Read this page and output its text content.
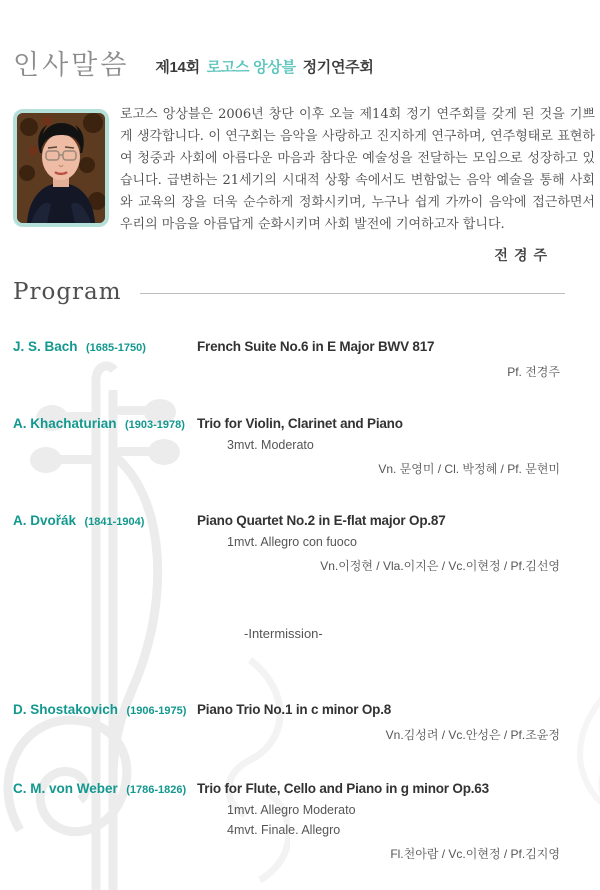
인사말씀 제14회 로고스 앙상블 정기연주회
로고스 앙상블은 2006년 창단 이후 오늘 제14회 정기 연주회를 갖게 된 것을 기쁘게 생각합니다. 이 연구회는 음악을 사랑하고 진지하게 연구하며, 연주형태로 표현하여 청중과 사회에 아름다운 마음과 참다운 예술성을 전달하는 모임으로 성장하고 있습니다. 급변하는 21세기의 시대적 상황 속에서도 변함없는 음악 예술을 통해 사회와 교육의 장을 더욱 순수하게 정화시키며, 누구나 쉽게 가까이 음악에 접근하면서 우리의 마음을 아름답게 순화시키며 사회 발전에 기여하고자 합니다.
전경주
Program
J. S. Bach (1685-1750)	French Suite No.6 in E Major BWV 817
Pf. 전경주
A. Khachaturian (1903-1978) Trio for Violin, Clarinet and Piano
3mvt. Moderato
Vn. 문영미 / Cl. 박정혜 / Pf. 문현미
A. Dvořák (1841-1904)	Piano Quartet No.2 in E-flat major Op.87
1mvt. Allegro con fuoco
Vn.이정현 / Vla.이지은 / Vc.이현정 / Pf.김선영
-Intermission-
D. Shostakovich (1906-1975) Piano Trio No.1 in c minor Op.8
Vn.김성려 / Vc.안성은 / Pf.조윤정
C. M. von Weber (1786-1826) Trio for Flute, Cello and Piano in g minor Op.63
1mvt. Allegro Moderato
4mvt. Finale. Allegro
Fl.천아람 / Vc.이현정 / Pf.김지영
